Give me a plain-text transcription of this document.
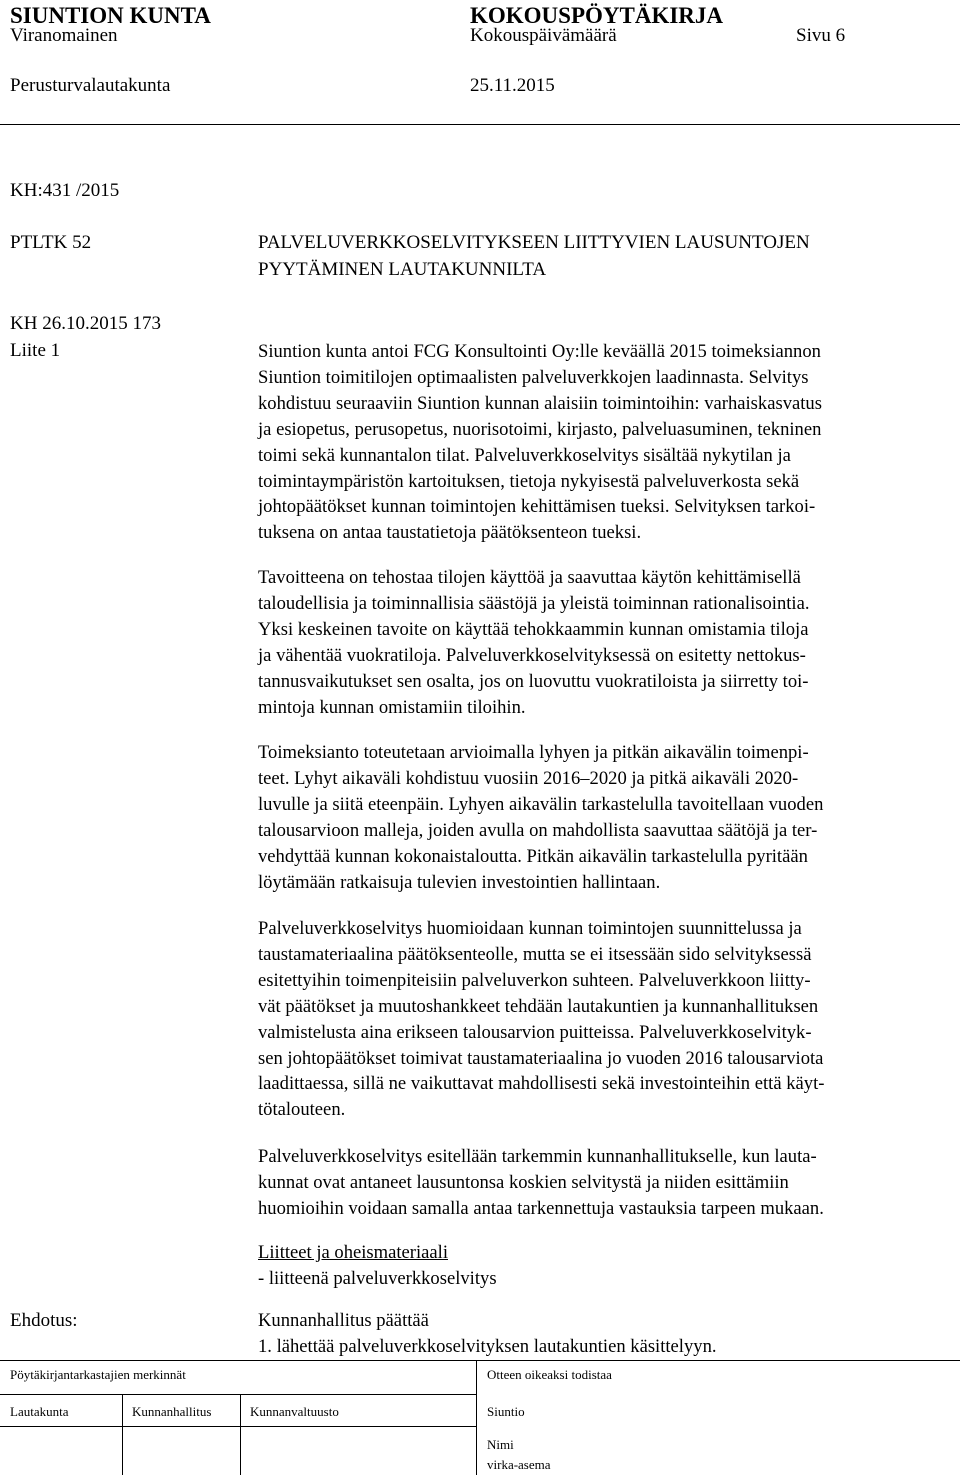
SIUNTION KUNTA	KOKOUSPÖYTÄKIRJA
Viranomainen	Kokouspäivämäärä	Sivu 6
Perusturvalautakunta	25.11.2015
KH:431 /2015
PTLTK 52
KH 26.10.2015 173
Liite 1
PALVELUVERKKOSELVITYKSEEN LIITTYVIEN LAUSUNTOJEN
PYYTÄMINEN LAUTAKUNNILTA
Siuntion kunta antoi FCG Konsultointi Oy:lle keväällä 2015 toimeksiannon
Siuntion toimitilojen optimaalisten palveluverkkojen laadinnasta. Selvitys
kohdistuu seuraaviin Siuntion kunnan alaisiin toimintoihin: varhaiskasvatus
ja esiopetus, perusopetus, nuorisotoimi, kirjasto, palveluasuminen, tekninen
toimi sekä kunnantalon tilat. Palveluverkkoselvitys sisältää nykytilan ja
toimintaympäristön kartoituksen, tietoja nykyisestä palveluverkosta sekä
johtopäätökset kunnan toimintojen kehittämisen tueksi. Selvityksen tarkoi-
tuksena on antaa taustatietoja päätöksenteon tueksi.
Tavoitteena on tehostaa tilojen käyttöä ja saavuttaa käytön kehittämisellä
taloudellisia ja toiminnallisia säästöjä ja yleistä toiminnan rationalisointia.
Yksi keskeinen tavoite on käyttää tehokkaammin kunnan omistamia tiloja
ja vähentää vuokratiloja. Palveluverkkoselvityksessä on esitetty nettokus-
tannusvaikutukset sen osalta, jos on luovuttu vuokratiloista ja siirretty toi-
mintoja kunnan omistamiin tiloihin.
Toimeksianto toteutetaan arvioimalla lyhyen ja pitkän aikavälin toimenpi-
teet. Lyhyt aikaväli kohdistuu vuosiin 2016–2020 ja pitkä aikaväli 2020-
luvulle ja siitä eteenpäin. Lyhyen aikavälin tarkastelulla tavoitellaan vuoden
talousarvioon malleja, joiden avulla on mahdollista saavuttaa säätöjä ja ter-
vehdyttää kunnan kokonaistaloutta. Pitkän aikavälin tarkastelulla pyritään
löytämään ratkaisuja tulevien investointien hallintaan.
Palveluverkkoselvitys huomioidaan kunnan toimintojen suunnittelussa ja
taustamateriaalina päätöksenteolle, mutta se ei itsessään sido selvityksessä
esitettyihin toimenpiteisiin palveluverkon suhteen. Palveluverkkoon liitty-
vät päätökset ja muutoshankkeet tehdään lautakuntien ja kunnanhallituksen
valmistelusta aina erikseen talousarvion puitteissa. Palveluverkkoselvityk-
sen johtopäätökset toimivat taustamateriaalina jo vuoden 2016 talousarviota
laadittaessa, sillä ne vaikuttavat mahdollisesti sekä investointeihin että käyt-
tötalouteen.
Palveluverkkoselvitys esitellään tarkemmin kunnanhallitukselle, kun lauta-
kunnat ovat antaneet lausuntonsa koskien selvitystä ja niiden esittämiin
huomioihin voidaan samalla antaa tarkennettuja vastauksia tarpeen mukaan.
Liitteet ja oheismateriaali
- liitteenä palveluverkkoselvitys
Ehdotus:	Kunnanhallitus päättää
1. lähettää palveluverkkoselvityksen lautakuntien käsittelyyn.
Pöytäkirjantarkastajien merkinnät	Otteen oikeaksi todistaa
Lautakunta	Kunnanhallitus	Kunnanvaltuusto	Siuntio
Nimi
virka-asema
